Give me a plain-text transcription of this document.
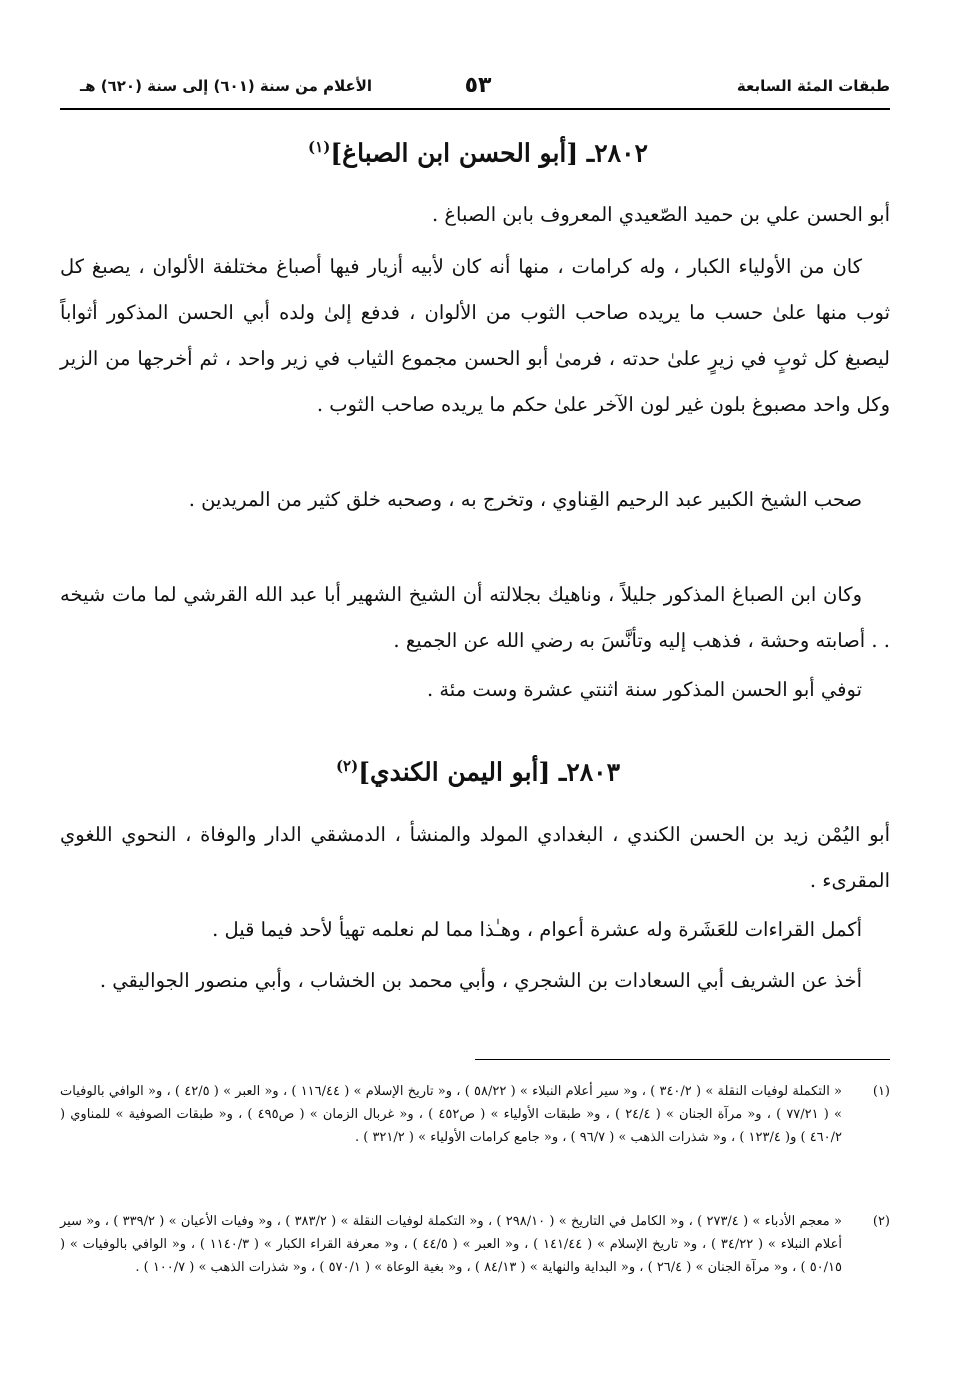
طبقات المئة السابعة
٥٣
الأعلام من سنة (٦٠١) إلى سنة (٦٢٠) هـ
٢٨٠٢ـ [أبو الحسن ابن الصباغ]$^{(١)}$
أبو الحسن علي بن حميد الصّعيدي المعروف بابن الصباغ .
كان من الأولياء الكبار ، وله كرامات ، منها أنه كان لأبيه أزيار فيها أصباغ مختلفة الألوان ، يصبغ كل ثوب منها علىٰ حسب ما يريده صاحب الثوب من الألوان ، فدفع إلىٰ ولده أبي الحسن المذكور أثواباً ليصبغ كل ثوبٍ في زيرٍ علىٰ حدته ، فرمىٰ أبو الحسن مجموع الثياب في زير واحد ، ثم أخرجها من الزير وكل واحد مصبوغ بلون غير لون الآخر علىٰ حكم ما يريده صاحب الثوب .
صحب الشيخ الكبير عبد الرحيم القِناوي ، وتخرج به ، وصحبه خلق كثير من المريدين .
وكان ابن الصباغ المذكور جليلاً ، وناهيك بجلالته أن الشيخ الشهير أبا عبد الله القرشي لما مات شيخه . . أصابته وحشة ، فذهب إليه وتأنَّسَ به رضي الله عن الجميع .
توفي أبو الحسن المذكور سنة اثنتي عشرة وست مئة .
٢٨٠٣ـ [أبو اليمن الكندي]$^{(٢)}$
أبو اليُمْن زيد بن الحسن الكندي ، البغدادي المولد والمنشأ ، الدمشقي الدار والوفاة ، النحوي اللغوي المقرىء .
أكمل القراءات للعَشَرة وله عشرة أعوام ، وهـٰذا مما لم نعلمه تهيأ لأحد فيما قيل .
أخذ عن الشريف أبي السعادات بن الشجري ، وأبي محمد بن الخشاب ، وأبي منصور الجواليقي .
(١)
« التكملة لوفيات النقلة » ( ٣٤٠/٢ ) ، و« سير أعلام النبلاء » ( ٥٨/٢٢ ) ، و« تاريخ الإسلام » ( ١١٦/٤٤ ) ، و« العبر » ( ٤٢/٥ ) ، و« الوافي بالوفيات » ( ٧٧/٢١ ) ، و« مرآة الجنان » ( ٢٤/٤ ) ، و« طبقات الأولياء » ( ص٤٥٢ ) ، و« غربال الزمان » ( ص٤٩٥ ) ، و« طبقات الصوفية » للمناوي ( ٤٦٠/٢ ) و( ١٢٣/٤ ) ، و« شذرات الذهب » ( ٩٦/٧ ) ، و« جامع كرامات الأولياء » ( ٣٢١/٢ ) .
(٢)
« معجم الأدباء » ( ٢٧٣/٤ ) ، و« الكامل في التاريخ » ( ٢٩٨/١٠ ) ، و« التكملة لوفيات النقلة » ( ٣٨٣/٢ ) ، و« وفيات الأعيان » ( ٣٣٩/٢ ) ، و« سير أعلام النبلاء » ( ٣٤/٢٢ ) ، و« تاريخ الإسلام » ( ١٤١/٤٤ ) ، و« العبر » ( ٤٤/٥ ) ، و« معرفة القراء الكبار » ( ١١٤٠/٣ ) ، و« الوافي بالوفيات » ( ٥٠/١٥ ) ، و« مرآة الجنان » ( ٢٦/٤ ) ، و« البداية والنهاية » ( ٨٤/١٣ ) ، و« بغية الوعاة » ( ٥٧٠/١ ) ، و« شذرات الذهب » ( ١٠٠/٧ ) .
